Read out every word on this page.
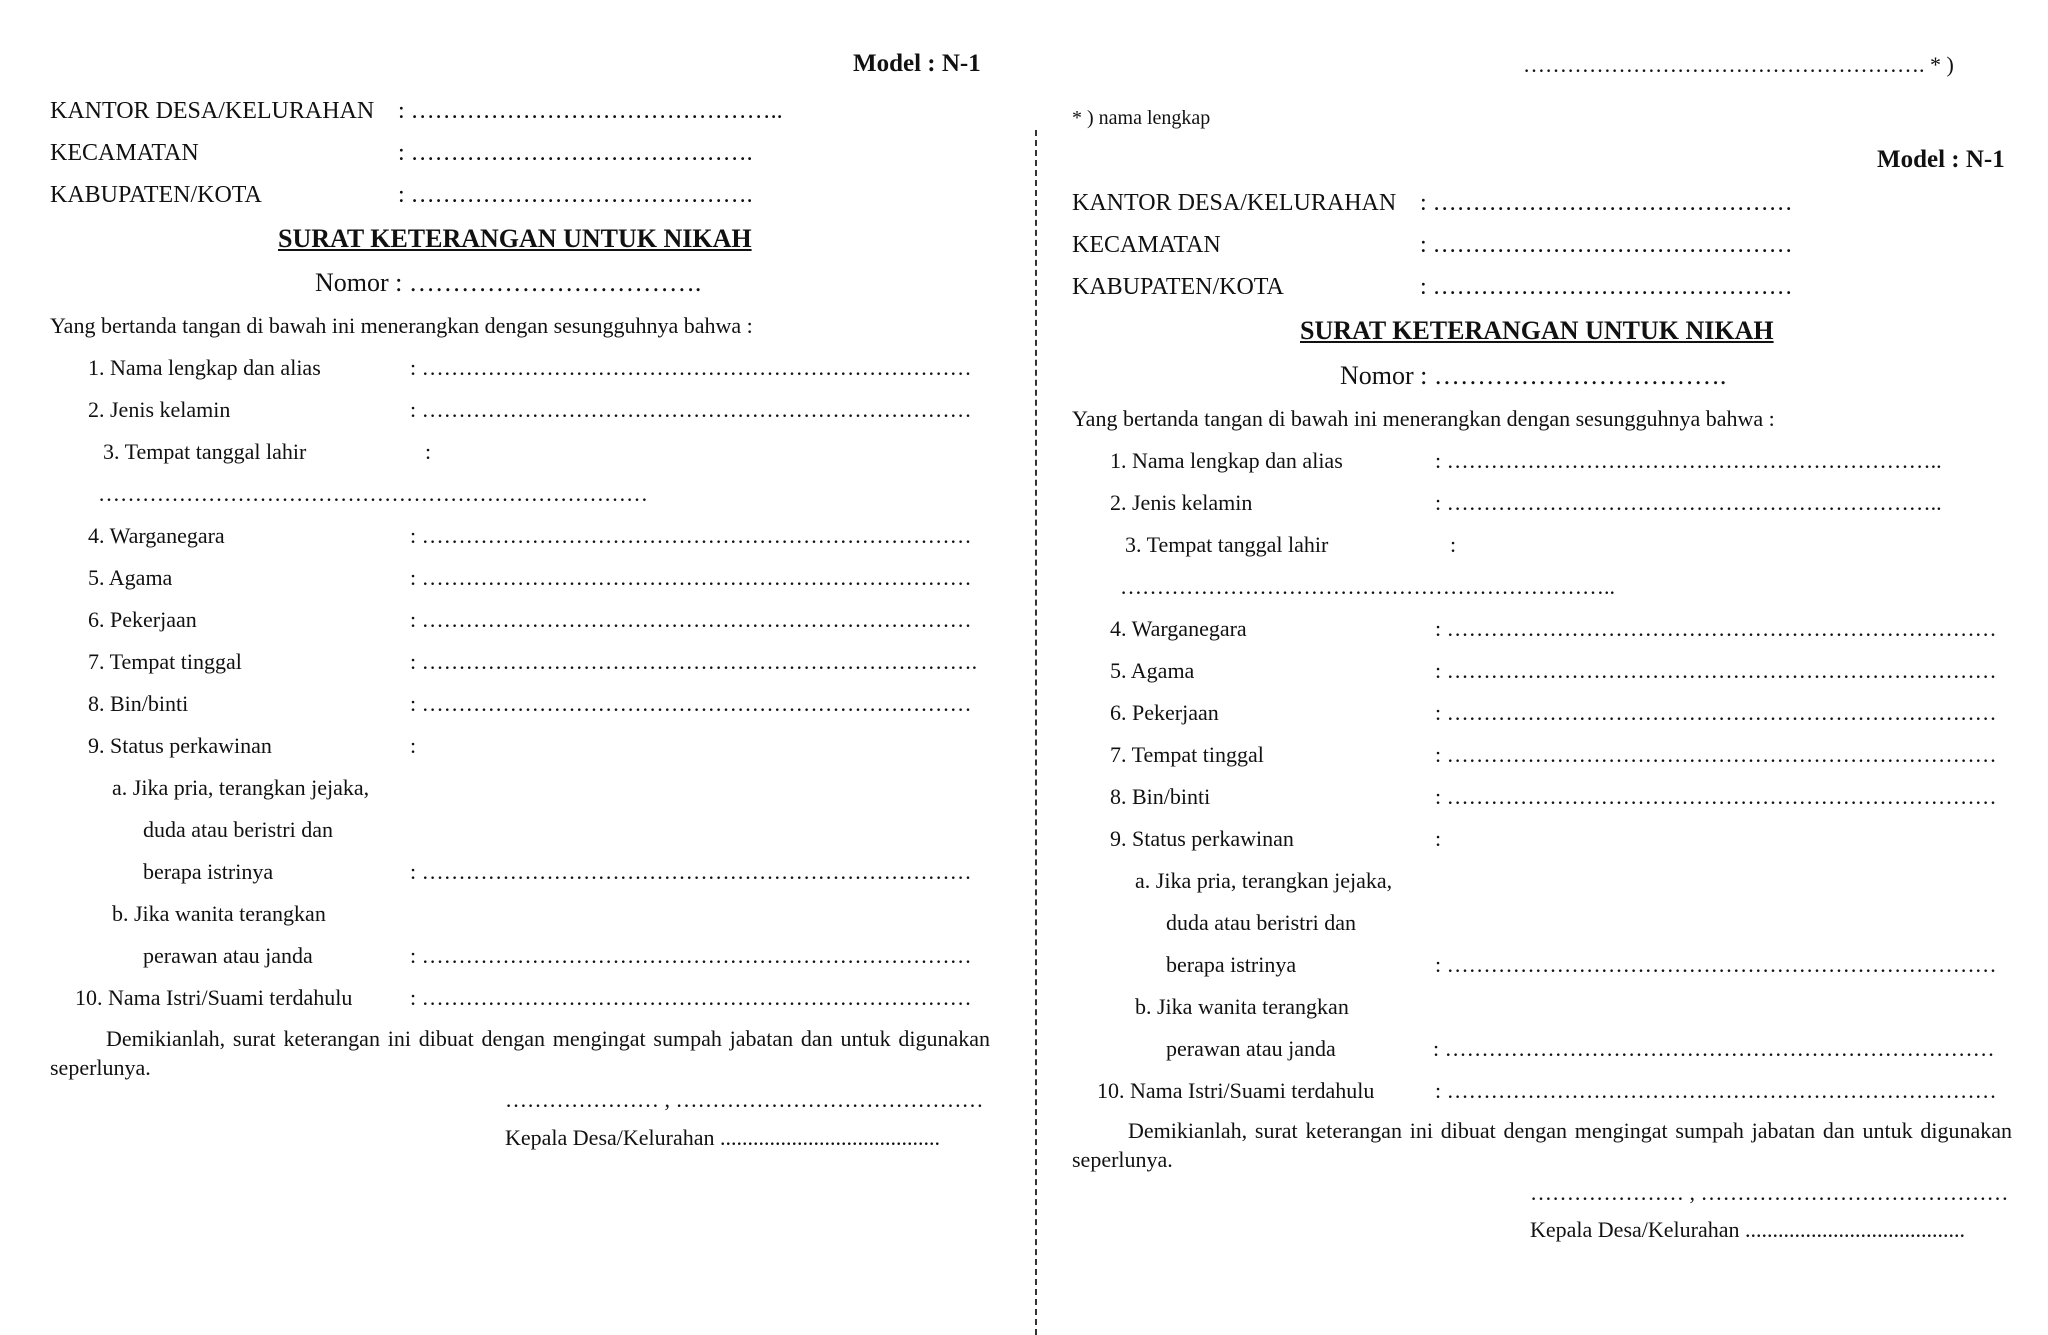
Model : N-1
KANTOR DESA/KELURAHAN : ………………………………………..
KECAMATAN	: …………………………………….
KABUPATEN/KOTA	: …………………………………….
SURAT KETERANGAN UNTUK NIKAH
Nomor : …………………………….
Yang bertanda tangan di bawah ini menerangkan dengan sesungguhnya bahwa :
1. Nama lengkap dan alias	: …………………………………………………………………
2. Jenis kelamin	: …………………………………………………………………
3. Tempat tanggal lahir	:
…………………………………………………………………
4. Warganegara	: …………………………………………………………………
5. Agama	: …………………………………………………………………
6. Pekerjaan	: …………………………………………………………………
7. Tempat tinggal	: ………………………………………………………………….
8. Bin/binti	: …………………………………………………………………
9. Status perkawinan	:
a. Jika pria, terangkan jejaka,
duda atau beristri dan
berapa istrinya	: …………………………………………………………………
b. Jika wanita terangkan
perawan atau janda	: …………………………………………………………………
10. Nama Istri/Suami terdahulu	: …………………………………………………………………
Demikianlah, surat keterangan ini dibuat dengan mengingat sumpah jabatan dan untuk digunakan seperlunya.
………………… , ……………………………………
Kepala Desa/Kelurahan ........................................
………………………………………………. * )
* ) nama lengkap
Model : N-1
KANTOR DESA/KELURAHAN : ………………………………………
KECAMATAN	: ………………………………………
KABUPATEN/KOTA	: ………………………………………
SURAT KETERANGAN UNTUK NIKAH
Nomor : …………………………….
Yang bertanda tangan di bawah ini menerangkan dengan sesungguhnya bahwa :
1. Nama lengkap dan alias	: …………………………………………………………..
2. Jenis kelamin	: …………………………………………………………..
3. Tempat tanggal lahir	:
…………………………………………………………..
4. Warganegara	: …………………………………………………………………
5. Agama	: …………………………………………………………………
6. Pekerjaan	: …………………………………………………………………
7. Tempat tinggal	: …………………………………………………………………
8. Bin/binti	: …………………………………………………………………
9. Status perkawinan	:
a. Jika pria, terangkan jejaka,
duda atau beristri dan
berapa istrinya	: …………………………………………………………………
b. Jika wanita terangkan
perawan atau janda	: …………………………………………………………………
10. Nama Istri/Suami terdahulu	: …………………………………………………………………
Demikianlah, surat keterangan ini dibuat dengan mengingat sumpah jabatan dan untuk digunakan seperlunya.
………………… , ……………………………………
Kepala Desa/Kelurahan ........................................
